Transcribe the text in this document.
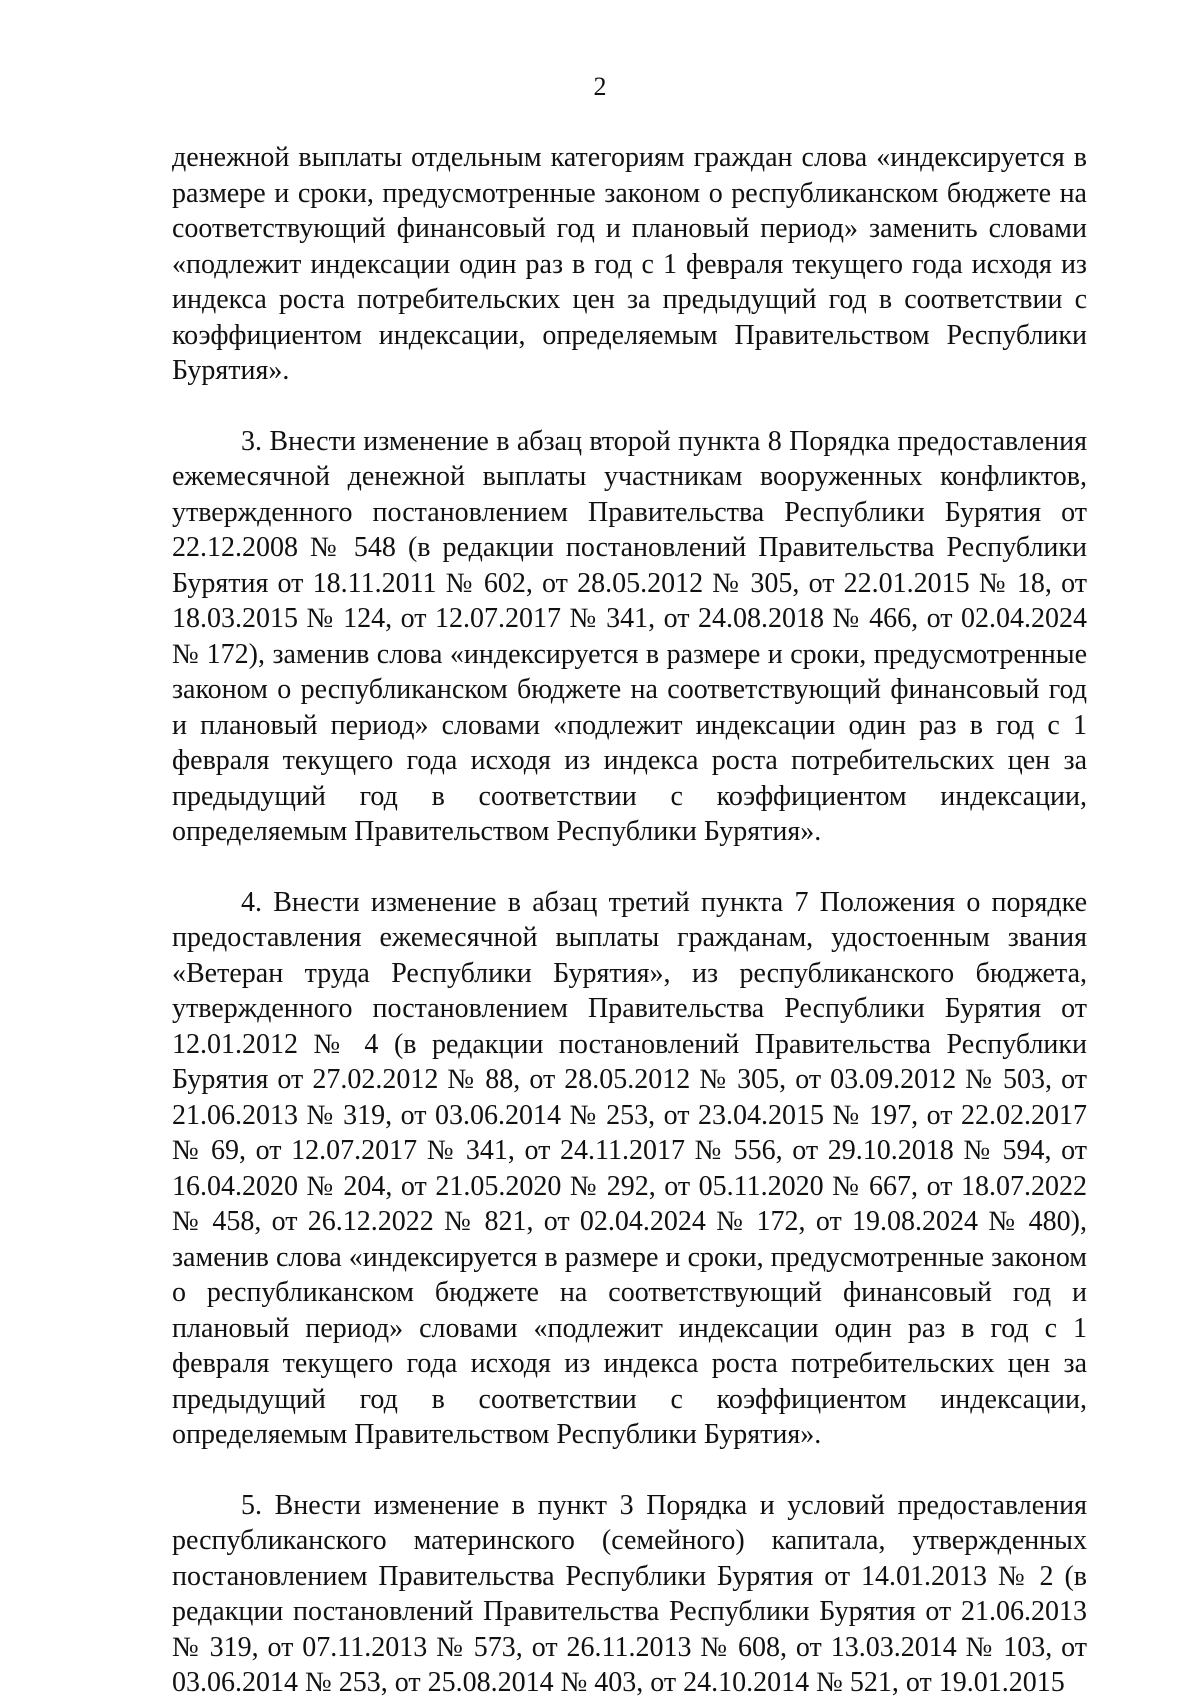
2

денежной выплаты отдельным категориям граждан слова «индексируется в размере и сроки, предусмотренные законом о республиканском бюджете на соответствующий финансовый год и плановый период» заменить словами «подлежит индексации один раз в год с 1 февраля текущего года исходя из индекса роста потребительских цен за предыдущий год в соответствии с коэффициентом индексации, определяемым Правительством Республики Бурятия».

3. Внести изменение в абзац второй пункта 8 Порядка предоставления ежемесячной денежной выплаты участникам вооруженных конфликтов, утвержденного постановлением Правительства Республики Бурятия от 22.12.2008 № 548 (в редакции постановлений Правительства Республики Бурятия от 18.11.2011 № 602, от 28.05.2012 № 305, от 22.01.2015 № 18, от 18.03.2015 № 124, от 12.07.2017 № 341, от 24.08.2018 № 466, от 02.04.2024 № 172), заменив слова «индексируется в размере и сроки, предусмотренные законом о республиканском бюджете на соответствующий финансовый год и плановый период» словами «подлежит индексации один раз в год с 1 февраля текущего года исходя из индекса роста потребительских цен за предыдущий год в соответствии с коэффициентом индексации, определяемым Правительством Республики Бурятия».

4. Внести изменение в абзац третий пункта 7 Положения о порядке предоставления ежемесячной выплаты гражданам, удостоенным звания «Ветеран труда Республики Бурятия», из республиканского бюджета, утвержденного постановлением Правительства Республики Бурятия от 12.01.2012 № 4 (в редакции постановлений Правительства Республики Бурятия от 27.02.2012 № 88, от 28.05.2012 № 305, от 03.09.2012 № 503, от 21.06.2013 № 319, от 03.06.2014 № 253, от 23.04.2015 № 197, от 22.02.2017 № 69, от 12.07.2017 № 341, от 24.11.2017 № 556, от 29.10.2018 № 594, от 16.04.2020 № 204, от 21.05.2020 № 292, от 05.11.2020 № 667, от 18.07.2022 № 458, от 26.12.2022 № 821, от 02.04.2024 № 172, от 19.08.2024 № 480), заменив слова «индексируется в размере и сроки, предусмотренные законом о республиканском бюджете на соответствующий финансовый год и плановый период» словами «подлежит индексации один раз в год с 1 февраля текущего года исходя из индекса роста потребительских цен за предыдущий год в соответствии с коэффициентом индексации, определяемым Правительством Республики Бурятия».

5. Внести изменение в пункт 3 Порядка и условий предоставления республиканского материнского (семейного) капитала, утвержденных постановлением Правительства Республики Бурятия от 14.01.2013 № 2 (в редакции постановлений Правительства Республики Бурятия от 21.06.2013 № 319, от 07.11.2013 № 573, от 26.11.2013 № 608, от 13.03.2014 № 103, от 03.06.2014 № 253, от 25.08.2014 № 403, от 24.10.2014 № 521, от 19.01.2015
